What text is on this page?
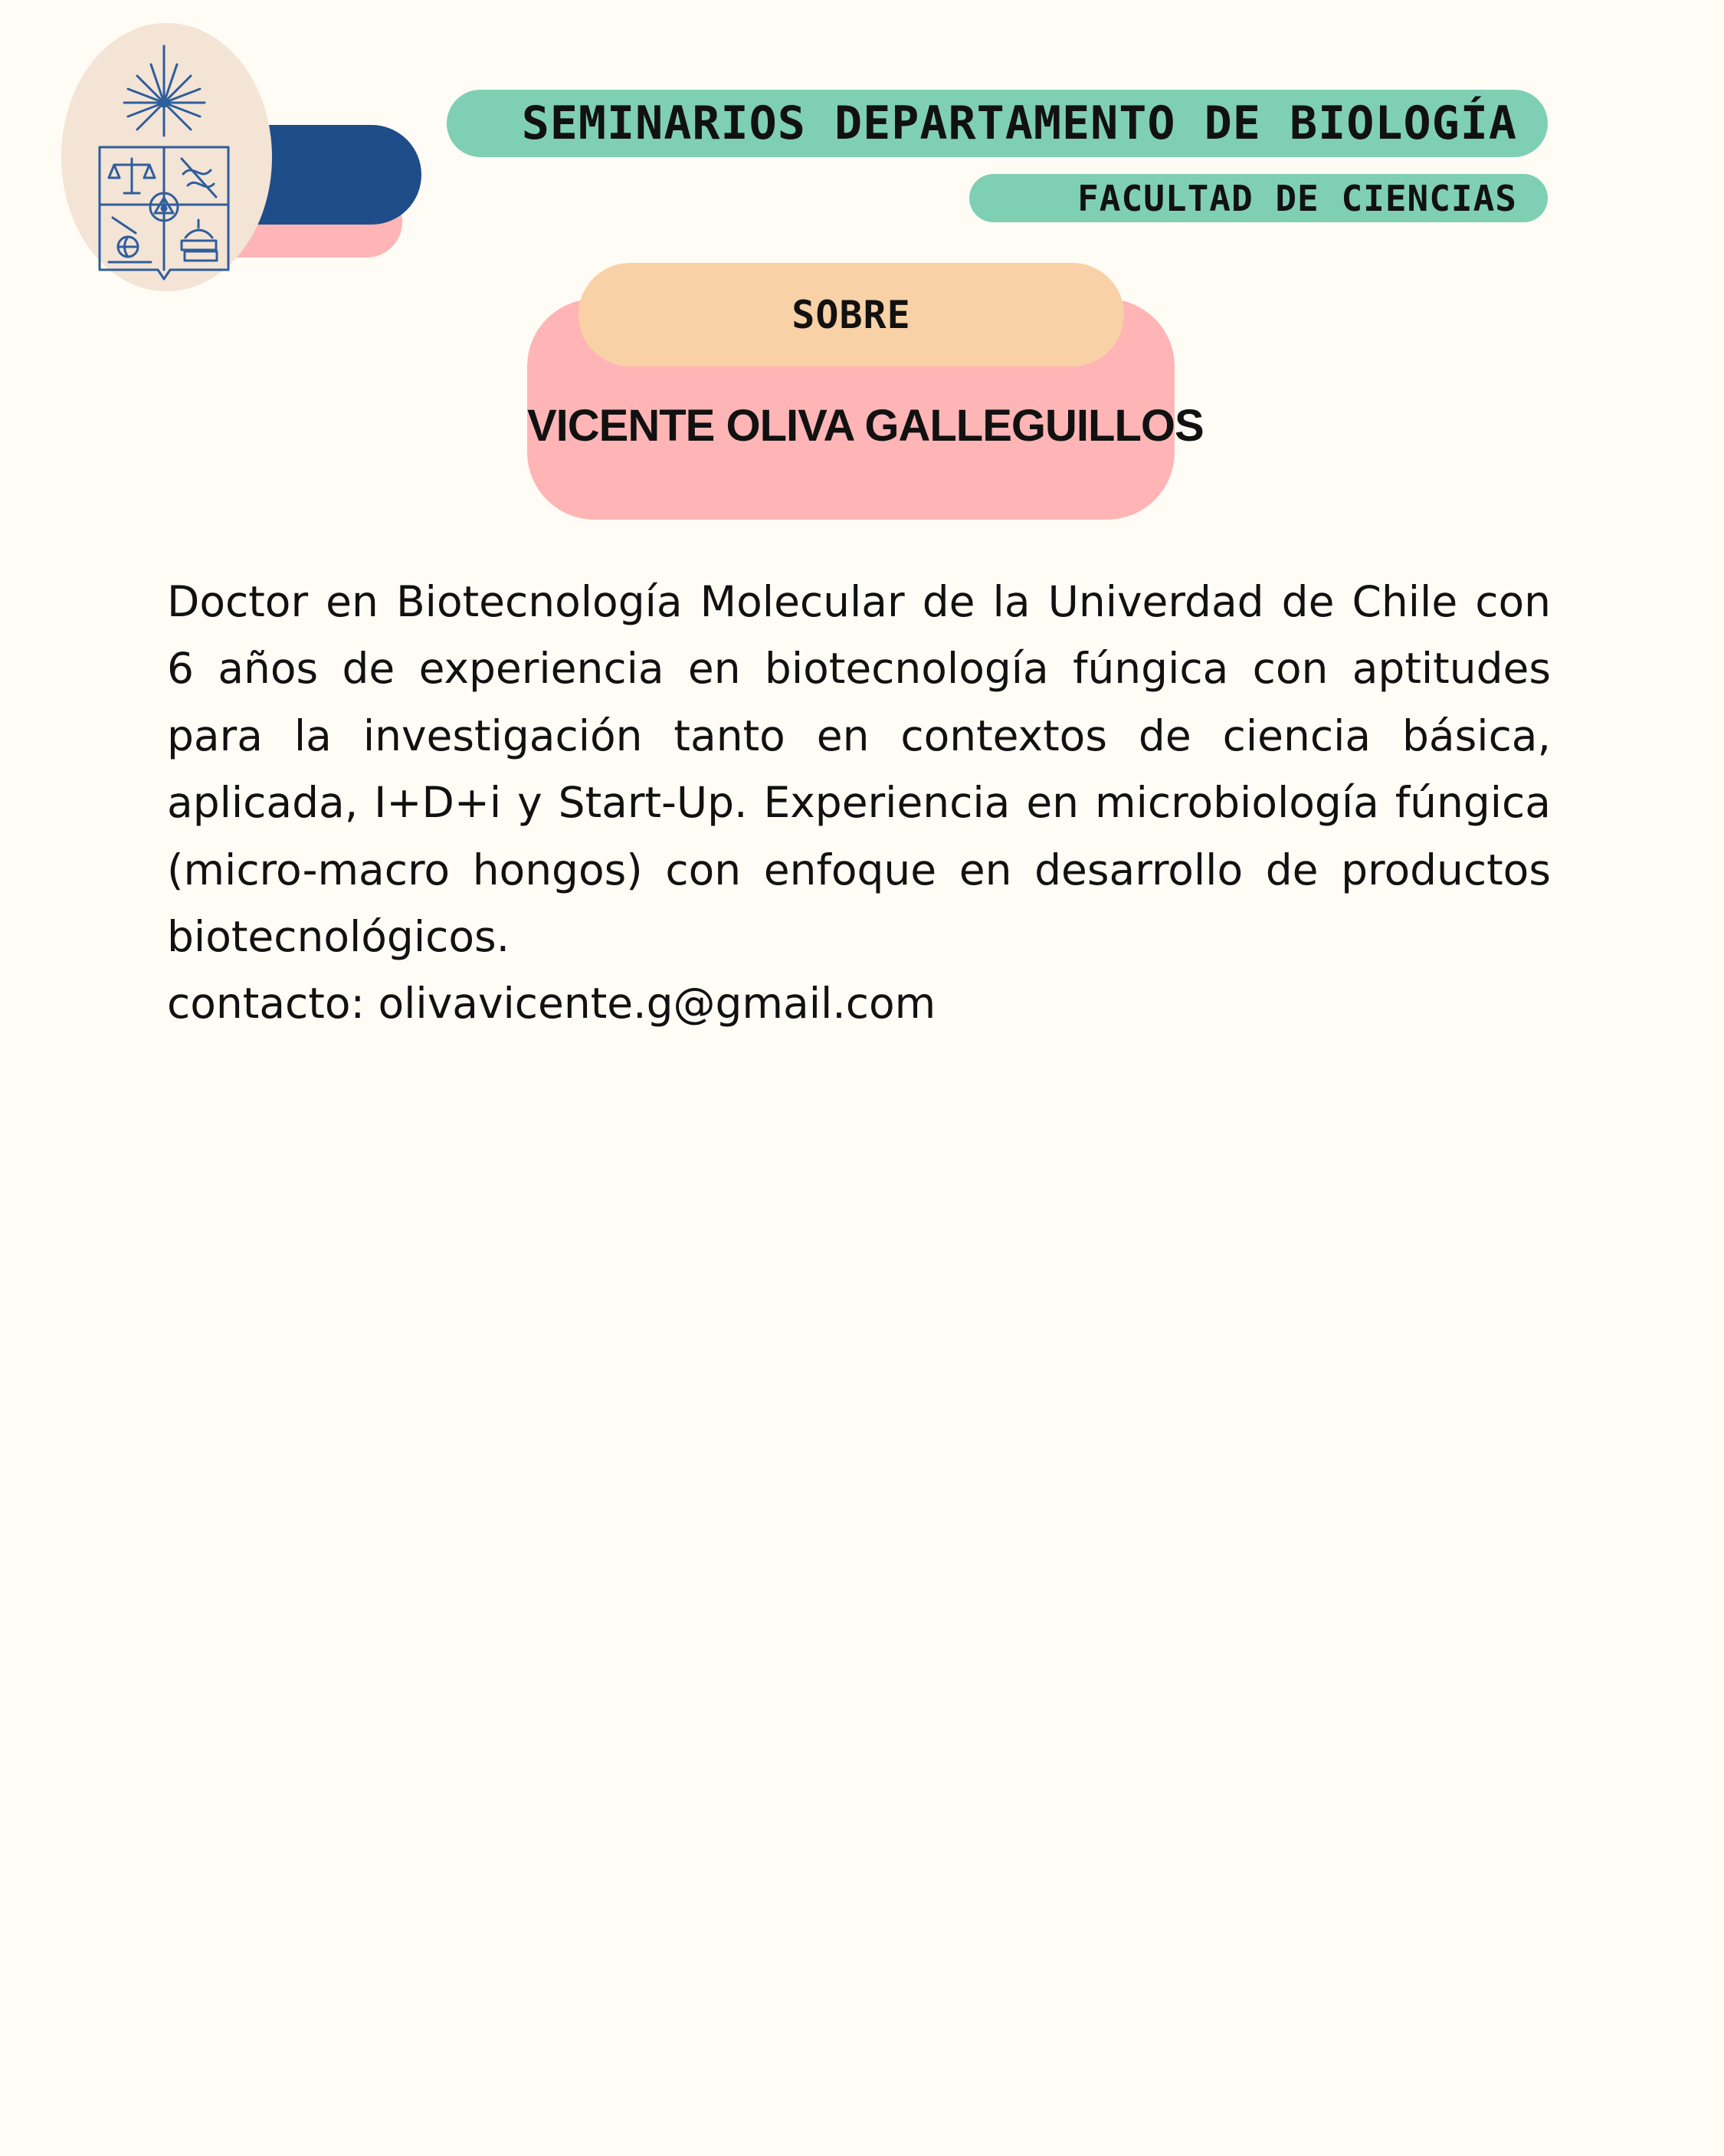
SEMINARIOS DEPARTAMENTO DE BIOLOGÍA
FACULTAD DE CIENCIAS
VICENTE OLIVA GALLEGUILLOS
SOBRE

Doctor en Biotecnología Molecular de la Univerdad de Chile con 6 años de experiencia en biotecnología fúngica con aptitudes para la investigación tanto en contextos de ciencia básica, aplicada, I+D+i y Start-Up. Experiencia en microbiología fúngica (micro-macro hongos) con enfoque en desarrollo de productos biotecnológicos.

contacto: olivavicente.g@gmail.com
